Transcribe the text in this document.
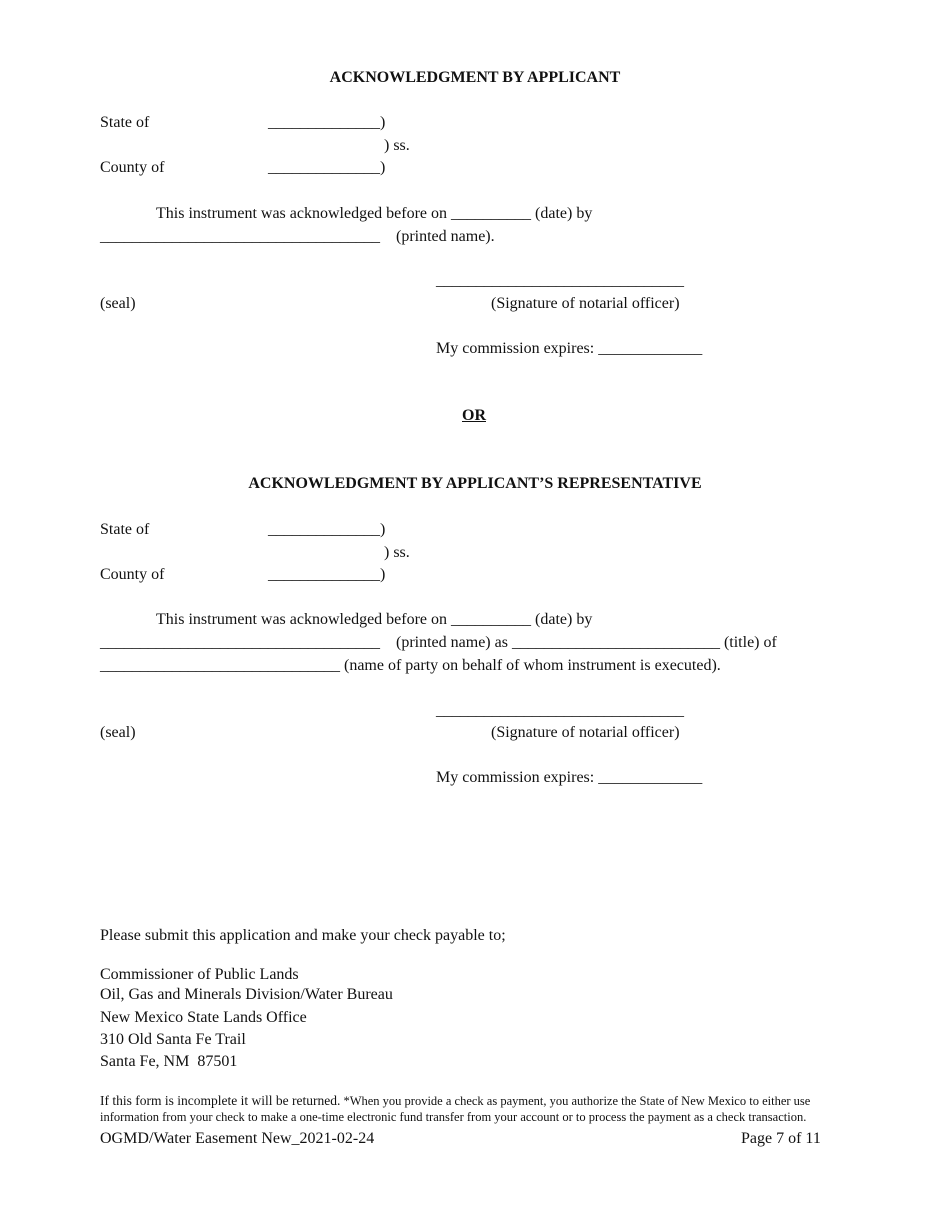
ACKNOWLEDGMENT BY APPLICANT
State of	______________)
) ss.
County of	______________)
This instrument was acknowledged before on __________ (date) by
___________________________________    (printed name).
_______________________________
(seal)	(Signature of notarial officer)
My commission expires: _____________
OR
ACKNOWLEDGMENT BY APPLICANT’S REPRESENTATIVE
State of	______________)
) ss.
County of	______________)
This instrument was acknowledged before on __________ (date) by
___________________________________    (printed name) as __________________________ (title) of
______________________________ (name of party on behalf of whom instrument is executed).
_______________________________
(seal)	(Signature of notarial officer)
My commission expires: _____________
Please submit this application and make your check payable to;
Commissioner of Public Lands
Oil, Gas and Minerals Division/Water Bureau
New Mexico State Lands Office
310 Old Santa Fe Trail
Santa Fe, NM  87501
If this form is incomplete it will be returned. *When you provide a check as payment, you authorize the State of New Mexico to either use
information from your check to make a one-time electronic fund transfer from your account or to process the payment as a check transaction.
OGMD/Water Easement New_2021-02-24	Page 7 of 11
